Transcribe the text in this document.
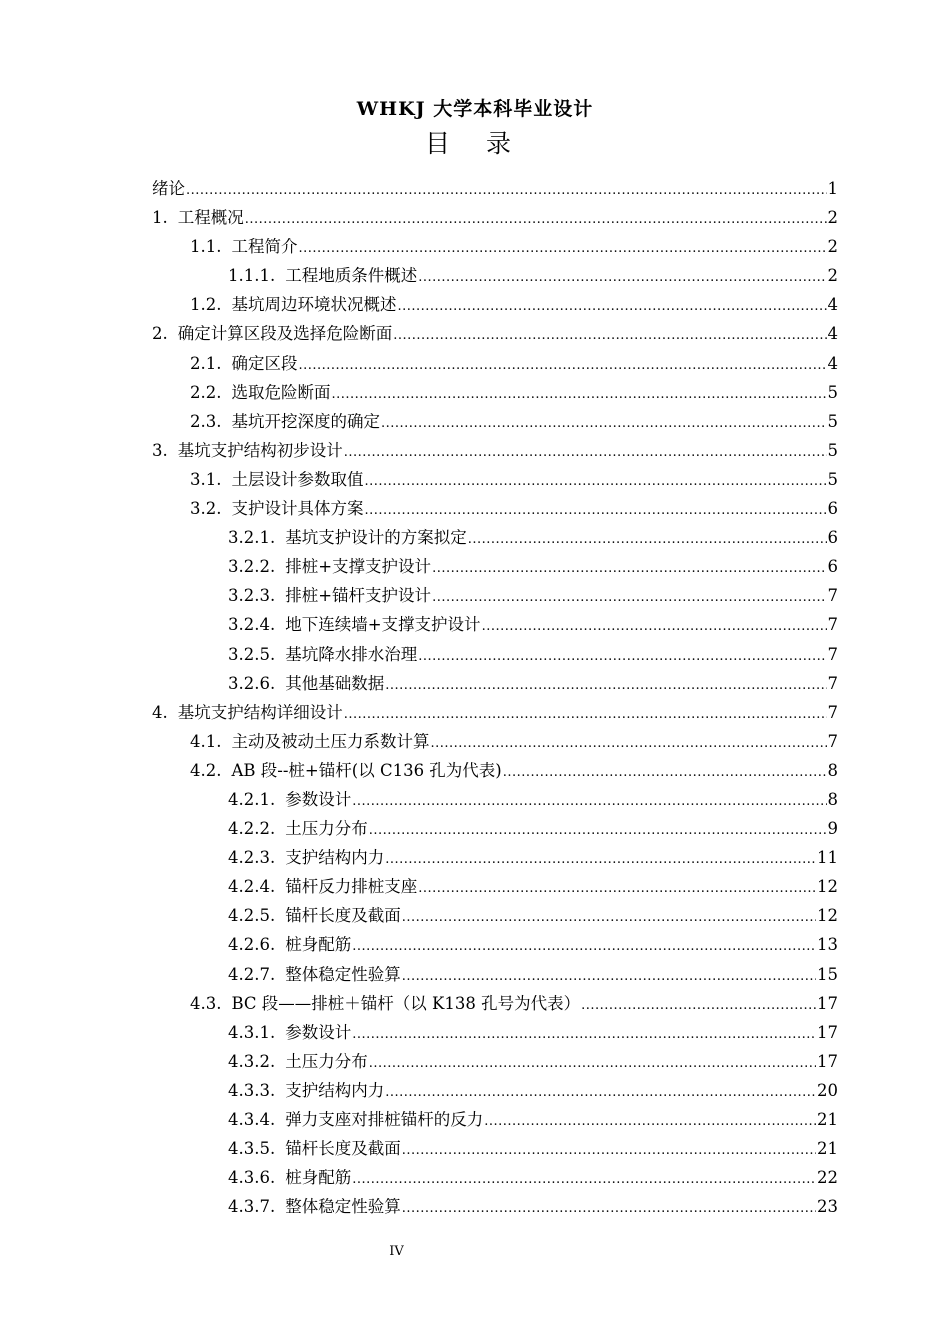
WHKJ 大学本科毕业设计
目 录
绪论 .....	1
1. 工程概况 .....	2
1.1. 工程简介 .....	2
1.1.1. 工程地质条件概述 .....	2
1.2. 基坑周边环境状况概述 .....	4
2. 确定计算区段及选择危险断面 .....	4
2.1. 确定区段 .....	4
2.2. 选取危险断面 .....	5
2.3. 基坑开挖深度的确定 .....	5
3. 基坑支护结构初步设计 .....	5
3.1. 土层设计参数取值 .....	5
3.2. 支护设计具体方案 .....	6
3.2.1. 基坑支护设计的方案拟定 .....	6
3.2.2. 排桩+支撑支护设计 .....	6
3.2.3. 排桩+锚杆支护设计 .....	7
3.2.4. 地下连续墙+支撑支护设计 .....	7
3.2.5. 基坑降水排水治理 .....	7
3.2.6. 其他基础数据 .....	7
4. 基坑支护结构详细设计 .....	7
4.1. 主动及被动土压力系数计算 .....	7
4.2. AB 段--桩+锚杆(以 C136 孔为代表) .....	8
4.2.1. 参数设计 .....	8
4.2.2. 土压力分布 .....	9
4.2.3. 支护结构内力 .....	11
4.2.4. 锚杆反力排桩支座 .....	12
4.2.5. 锚杆长度及截面 .....	12
4.2.6. 桩身配筋 .....	13
4.2.7. 整体稳定性验算 .....	15
4.3. BC 段——排桩＋锚杆（以 K138 孔号为代表） .....	17
4.3.1. 参数设计 .....	17
4.3.2. 土压力分布 .....	17
4.3.3. 支护结构内力 .....	20
4.3.4. 弹力支座对排桩锚杆的反力 .....	21
4.3.5. 锚杆长度及截面 .....	21
4.3.6. 桩身配筋 .....	22
4.3.7. 整体稳定性验算 .....	23
IV
